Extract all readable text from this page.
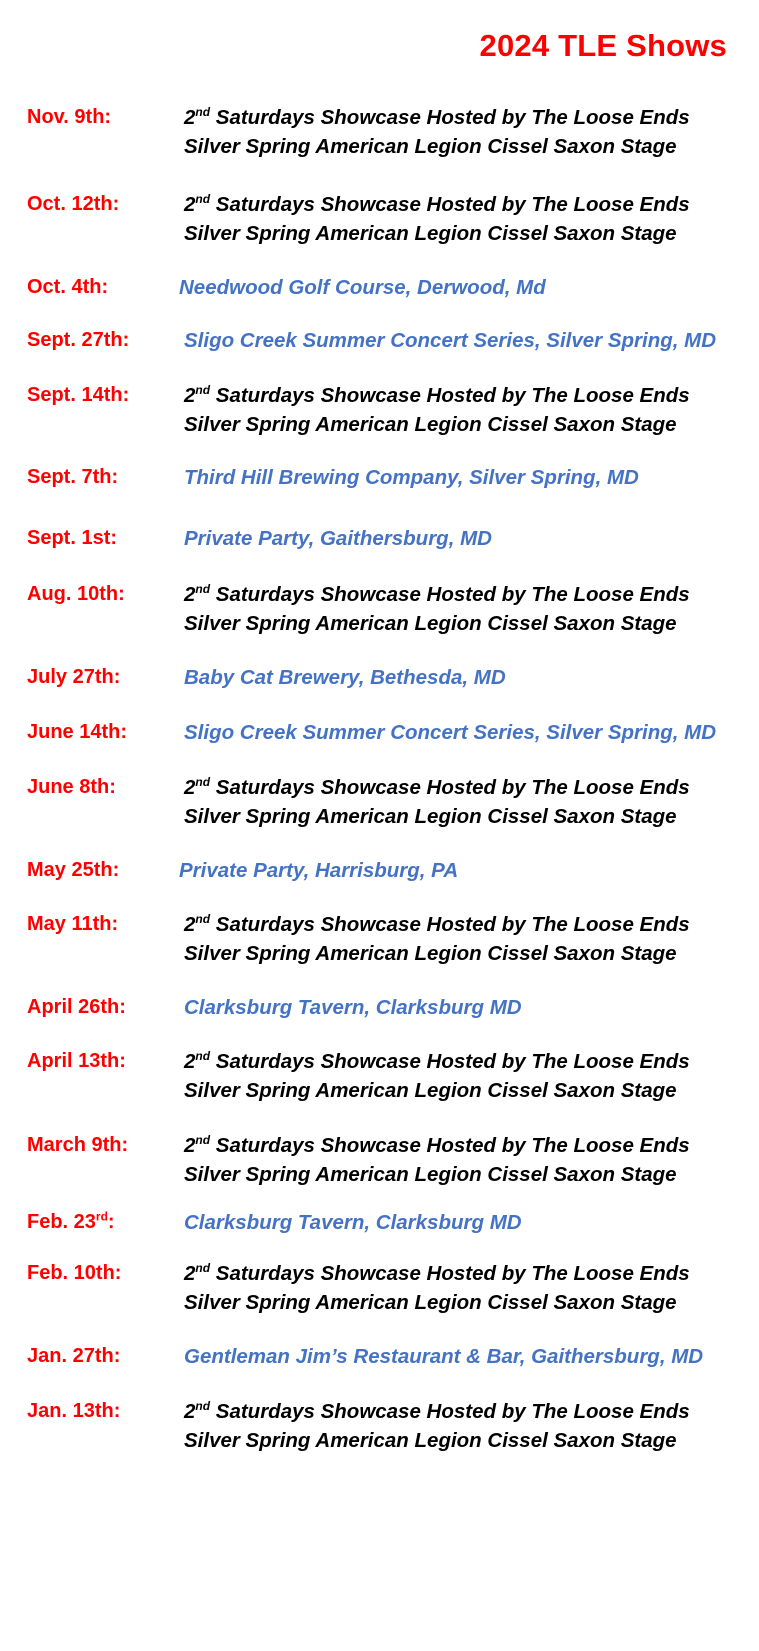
2024 TLE Shows
Nov. 9th:	2nd Saturdays Showcase Hosted by The Loose Ends
Silver Spring American Legion Cissel Saxon Stage
Oct. 12th:	2nd Saturdays Showcase Hosted by The Loose Ends
Silver Spring American Legion Cissel Saxon Stage
Oct. 4th:	Needwood Golf Course, Derwood, Md
Sept. 27th:	Sligo Creek Summer Concert Series, Silver Spring, MD
Sept. 14th:	2nd Saturdays Showcase Hosted by The Loose Ends
Silver Spring American Legion Cissel Saxon Stage
Sept. 7th:	Third Hill Brewing Company, Silver Spring, MD
Sept. 1st:	Private Party, Gaithersburg, MD
Aug. 10th:	2nd Saturdays Showcase Hosted by The Loose Ends
Silver Spring American Legion Cissel Saxon Stage
July 27th:	Baby Cat Brewery, Bethesda, MD
June 14th:	Sligo Creek Summer Concert Series, Silver Spring, MD
June 8th:	2nd Saturdays Showcase Hosted by The Loose Ends
Silver Spring American Legion Cissel Saxon Stage
May 25th:	Private Party, Harrisburg, PA
May 11th:	2nd Saturdays Showcase Hosted by The Loose Ends
Silver Spring American Legion Cissel Saxon Stage
April 26th:	Clarksburg Tavern, Clarksburg MD
April 13th:	2nd Saturdays Showcase Hosted by The Loose Ends
Silver Spring American Legion Cissel Saxon Stage
March 9th:	2nd Saturdays Showcase Hosted by The Loose Ends
Silver Spring American Legion Cissel Saxon Stage
Feb. 23rd:	Clarksburg Tavern, Clarksburg MD
Feb. 10th:	2nd Saturdays Showcase Hosted by The Loose Ends
Silver Spring American Legion Cissel Saxon Stage
Jan. 27th:	Gentleman Jim’s Restaurant & Bar, Gaithersburg, MD
Jan. 13th:	2nd Saturdays Showcase Hosted by The Loose Ends
Silver Spring American Legion Cissel Saxon Stage
